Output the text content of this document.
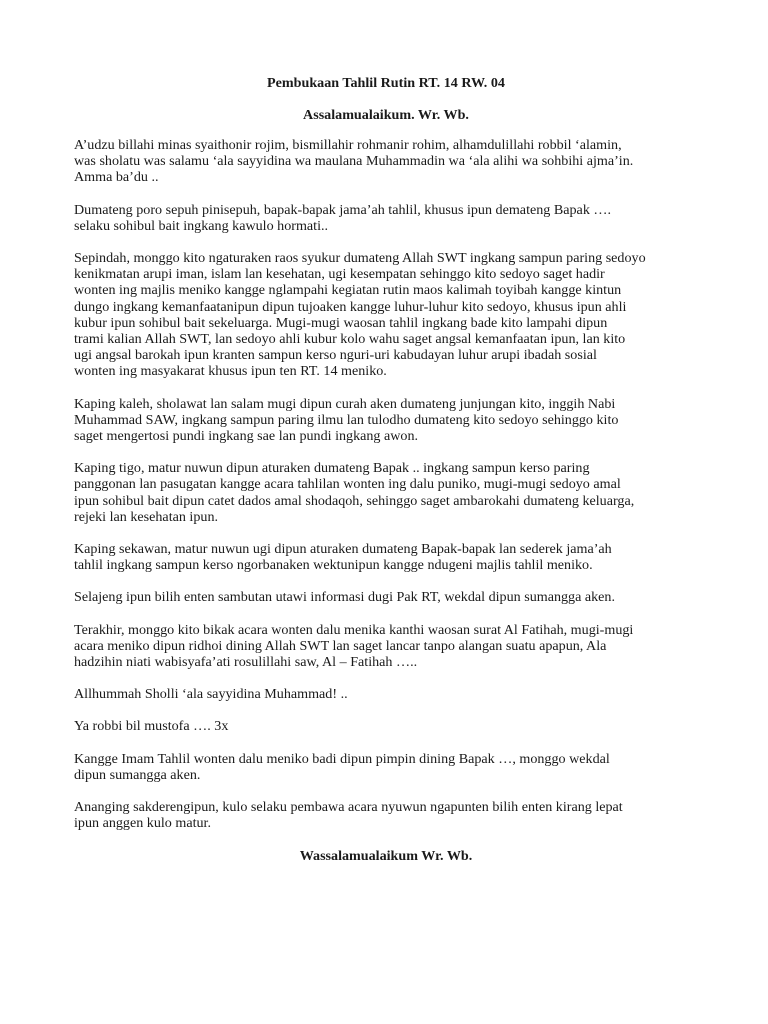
Pembukaan Tahlil Rutin RT. 14 RW. 04

Assalamualaikum. Wr. Wb.

A’udzu billahi minas syaithonir rojim, bismillahir rohmanir rohim, alhamdulillahi robbil ‘alamin,
was sholatu was salamu ‘ala sayyidina wa maulana Muhammadin wa ‘ala alihi wa sohbihi ajma’in.
Amma ba’du ..

Dumateng poro sepuh pinisepuh, bapak-bapak jama’ah tahlil, khusus ipun demateng Bapak ….
selaku sohibul bait ingkang kawulo hormati..

Sepindah, monggo kito ngaturaken raos syukur dumateng Allah SWT ingkang sampun paring sedoyo
kenikmatan arupi iman, islam lan kesehatan, ugi kesempatan sehinggo kito sedoyo saget hadir
wonten ing majlis meniko kangge nglampahi kegiatan rutin maos kalimah toyibah kangge kintun
dungo ingkang kemanfaatanipun dipun tujoaken kangge luhur-luhur kito sedoyo, khusus ipun ahli
kubur ipun sohibul bait sekeluarga. Mugi-mugi waosan tahlil ingkang bade kito lampahi dipun
trami kalian Allah SWT, lan sedoyo ahli kubur kolo wahu saget angsal kemanfaatan ipun, lan kito
ugi angsal barokah ipun kranten sampun kerso nguri-uri kabudayan luhur arupi ibadah sosial
wonten ing masyakarat khusus ipun ten RT. 14 meniko.

Kaping kaleh, sholawat lan salam mugi dipun curah aken dumateng junjungan kito, inggih Nabi
Muhammad SAW, ingkang sampun paring ilmu lan tulodho dumateng kito sedoyo sehinggo kito
saget mengertosi pundi ingkang sae lan pundi ingkang awon.

Kaping tigo, matur nuwun dipun aturaken dumateng Bapak .. ingkang sampun kerso paring
panggonan lan pasugatan kangge acara tahlilan wonten ing dalu puniko, mugi-mugi sedoyo amal
ipun sohibul bait dipun catet dados amal shodaqoh, sehinggo saget ambarokahi dumateng keluarga,
rejeki lan kesehatan ipun.

Kaping sekawan, matur nuwun ugi dipun aturaken dumateng Bapak-bapak lan sederek jama’ah
tahlil ingkang sampun kerso ngorbanaken wektunipun kangge ndugeni majlis tahlil meniko.

Selajeng ipun bilih enten sambutan utawi informasi dugi Pak RT, wekdal dipun sumangga aken.

Terakhir, monggo kito bikak acara wonten dalu menika kanthi waosan surat Al Fatihah, mugi-mugi
acara meniko dipun ridhoi dining Allah SWT lan saget lancar tanpo alangan suatu apapun, Ala
hadzihin niati wabisyafa’ati rosulillahi saw, Al – Fatihah …..

Allhummah Sholli ‘ala sayyidina Muhammad! ..

Ya robbi bil mustofa …. 3x

Kangge Imam Tahlil wonten dalu meniko badi dipun pimpin dining Bapak …, monggo wekdal
dipun sumangga aken.

Ananging sakderengipun, kulo selaku pembawa acara nyuwun ngapunten bilih enten kirang lepat
ipun anggen kulo matur.

Wassalamualaikum Wr. Wb.
